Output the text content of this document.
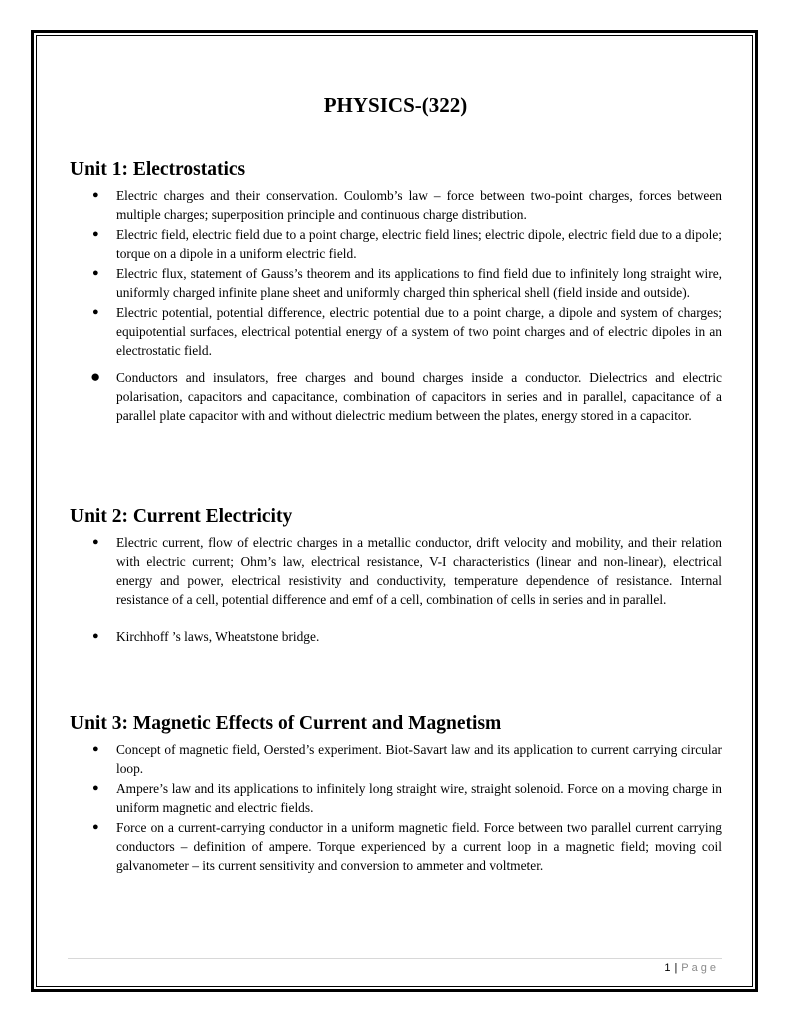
PHYSICS-(322)
Unit 1: Electrostatics
● Electric charges and their conservation. Coulomb’s law – force between two-point charges, forces between multiple charges; superposition principle and continuous charge distribution.
● Electric field, electric field due to a point charge, electric field lines; electric dipole, electric field due to a dipole; torque on a dipole in a uniform electric field.
● Electric flux, statement of Gauss’s theorem and its applications to find field due to infinitely long straight wire, uniformly charged infinite plane sheet and uniformly charged thin spherical shell (field inside and outside).
● Electric potential, potential difference, electric potential due to a point charge, a dipole and system of charges; equipotential surfaces, electrical potential energy of a system of two point charges and of electric dipoles in an electrostatic field.
● Conductors and insulators, free charges and bound charges inside a conductor. Dielectrics and electric polarisation, capacitors and capacitance, combination of capacitors in series and in parallel, capacitance of a parallel plate capacitor with and without dielectric medium between the plates, energy stored in a capacitor.
Unit 2: Current Electricity
● Electric current, flow of electric charges in a metallic conductor, drift velocity and mobility, and their relation with electric current; Ohm’s law, electrical resistance, V-I characteristics (linear and non-linear), electrical energy and power, electrical resistivity and conductivity, temperature dependence of resistance. Internal resistance of a cell, potential difference and emf of a cell, combination of cells in series and in parallel.
● Kirchhoff ’s laws, Wheatstone bridge.
Unit 3: Magnetic Effects of Current and Magnetism
● Concept of magnetic field, Oersted’s experiment. Biot-Savart law and its application to current carrying circular loop.
● Ampere’s law and its applications to infinitely long straight wire, straight solenoid. Force on a moving charge in uniform magnetic and electric fields.
● Force on a current-carrying conductor in a uniform magnetic field. Force between two parallel current carrying conductors – definition of ampere. Torque experienced by a current loop in a magnetic field; moving coil galvanometer – its current sensitivity and conversion to ammeter and voltmeter.
1 | Page
